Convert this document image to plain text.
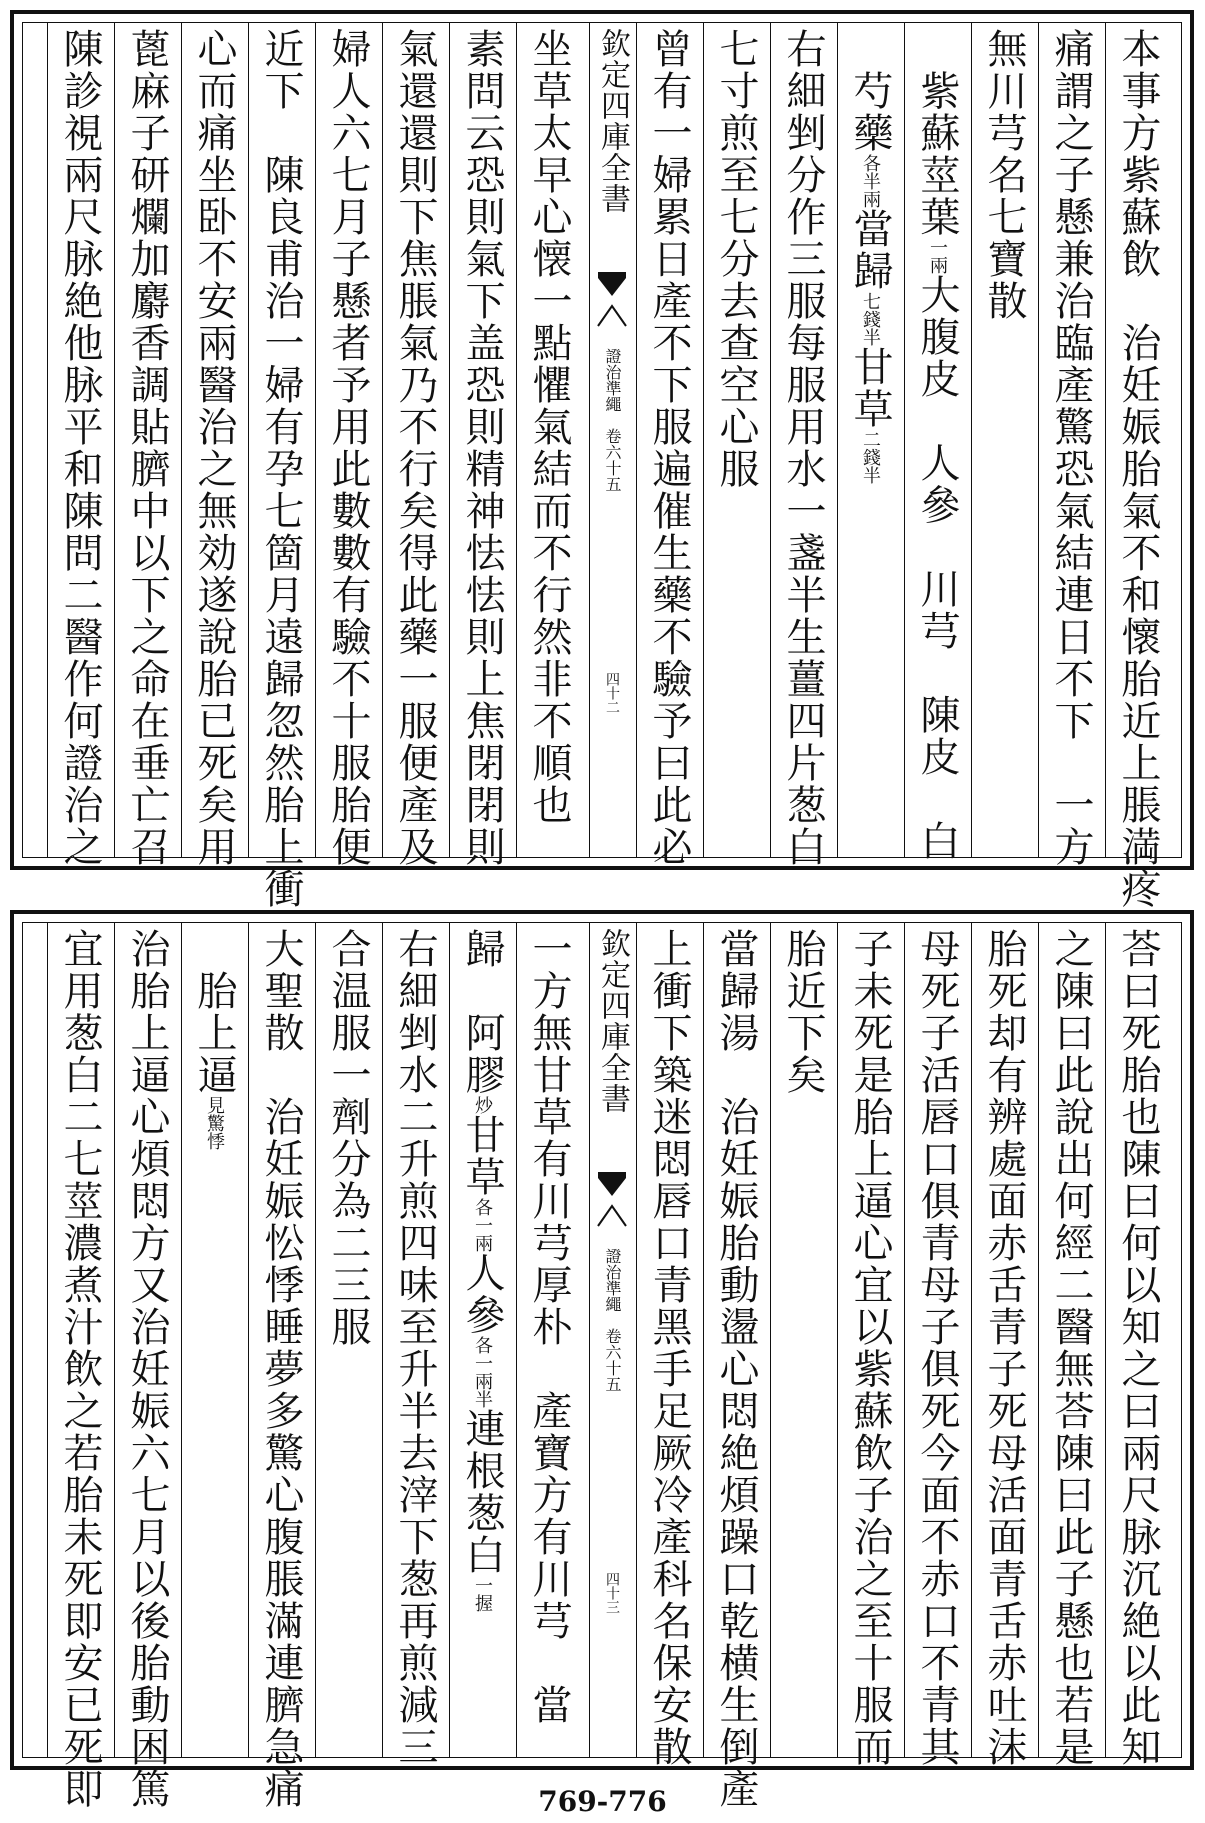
本事方紫蘇飲　治妊娠胎氣不和懷胎近上脹満疼
痛謂之子懸兼治臨產驚恐氣結連日不下　一方
無川芎名七寶散
　紫蘇莖葉一兩大腹皮　人參　川芎　陳皮　白
　芍藥各半兩當歸七錢半甘草二錢半
右細剉分作三服每服用水一盞半生薑四片葱白
七寸煎至七分去查空心服
曾有一婦累日產不下服遍催生藥不驗予曰此必
坐草太早心懐一點懼氣結而不行然非不順也
素問云恐則氣下盖恐則精神怯怯則上焦閉閉則
氣還還則下焦脹氣乃不行矣得此藥一服便產及
婦人六七月子懸者予用此數數有驗不十服胎便
近下　陳良甫治一婦有孕七箇月遠歸忽然胎上衝
心而痛坐卧不安兩醫治之無効遂說胎已死矣用
蓖麻子研爛加麝香調貼臍中以下之命在垂亡召
陳診視兩尺脉絶他脉平和陳問二醫作何證治之	欽定四庫全書
證治準繩　卷六十五
四十二
荅曰死胎也陳曰何以知之曰兩尺脉沉絶以此知
之陳曰此說出何經二醫無荅陳曰此子懸也若是
胎死却有辨處面赤舌青子死母活面青舌赤吐沫
母死子活唇口俱青母子俱死今面不赤口不青其
子未死是胎上逼心宜以紫蘇飲子治之至十服而
胎近下矣
當歸湯　治妊娠胎動盪心悶絶煩躁口乾横生倒產
上衝下築迷悶唇口青黑手足厥冷產科名保安散
一方無甘草有川芎厚朴　產寶方有川芎　當
歸　阿膠炒甘草各一兩人參各一兩半連根葱白一握
右細剉水二升煎四味至升半去滓下葱再煎減三
合温服一劑分為二三服
大聖散　治妊娠忪悸睡夢多驚心腹脹滿連臍急痛
　胎上逼見驚悸
治胎上逼心煩悶方又治妊娠六七月以後胎動困篤
宜用葱白二七莖濃煮汁飲之若胎未死即安已死即	欽定四庫全書
證治準繩　卷六十五
四十三
769-776
